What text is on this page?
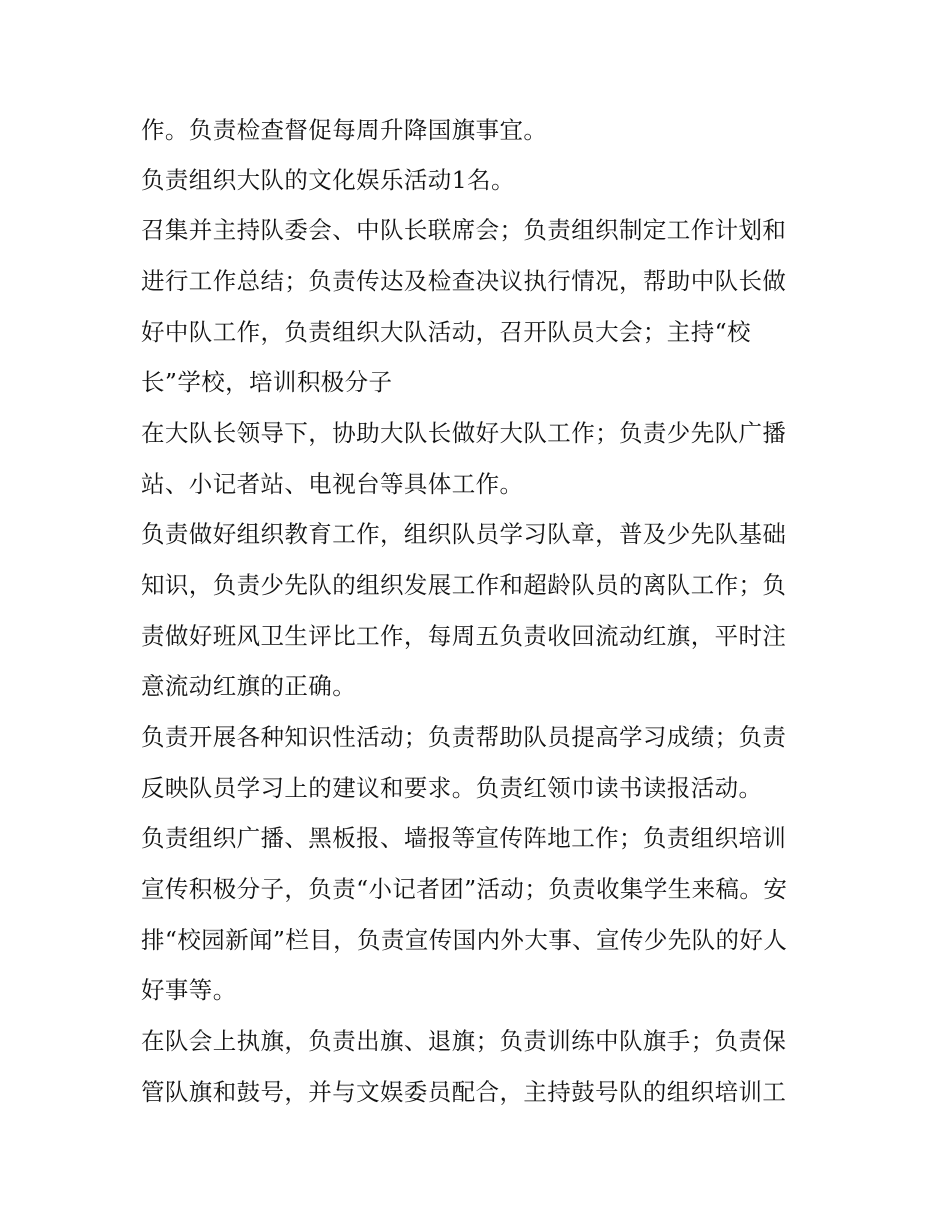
作。负责检查督促每周升降国旗事宜。
负责组织大队的文化娱乐活动1名。
召集并主持队委会、中队长联席会；负责组织制定工作计划和
进行工作总结；负责传达及检查决议执行情况，帮助中队长做
好中队工作，负责组织大队活动，召开队员大会；主持“校
长”学校，培训积极分子
在大队长领导下，协助大队长做好大队工作；负责少先队广播
站、小记者站、电视台等具体工作。
负责做好组织教育工作，组织队员学习队章，普及少先队基础
知识，负责少先队的组织发展工作和超龄队员的离队工作；负
责做好班风卫生评比工作，每周五负责收回流动红旗，平时注
意流动红旗的正确。
负责开展各种知识性活动；负责帮助队员提高学习成绩；负责
反映队员学习上的建议和要求。负责红领巾读书读报活动。
负责组织广播、黑板报、墙报等宣传阵地工作；负责组织培训
宣传积极分子，负责“小记者团”活动；负责收集学生来稿。安
排“校园新闻”栏目，负责宣传国内外大事、宣传少先队的好人
好事等。
在队会上执旗，负责出旗、退旗；负责训练中队旗手；负责保
管队旗和鼓号，并与文娱委员配合，主持鼓号队的组织培训工
